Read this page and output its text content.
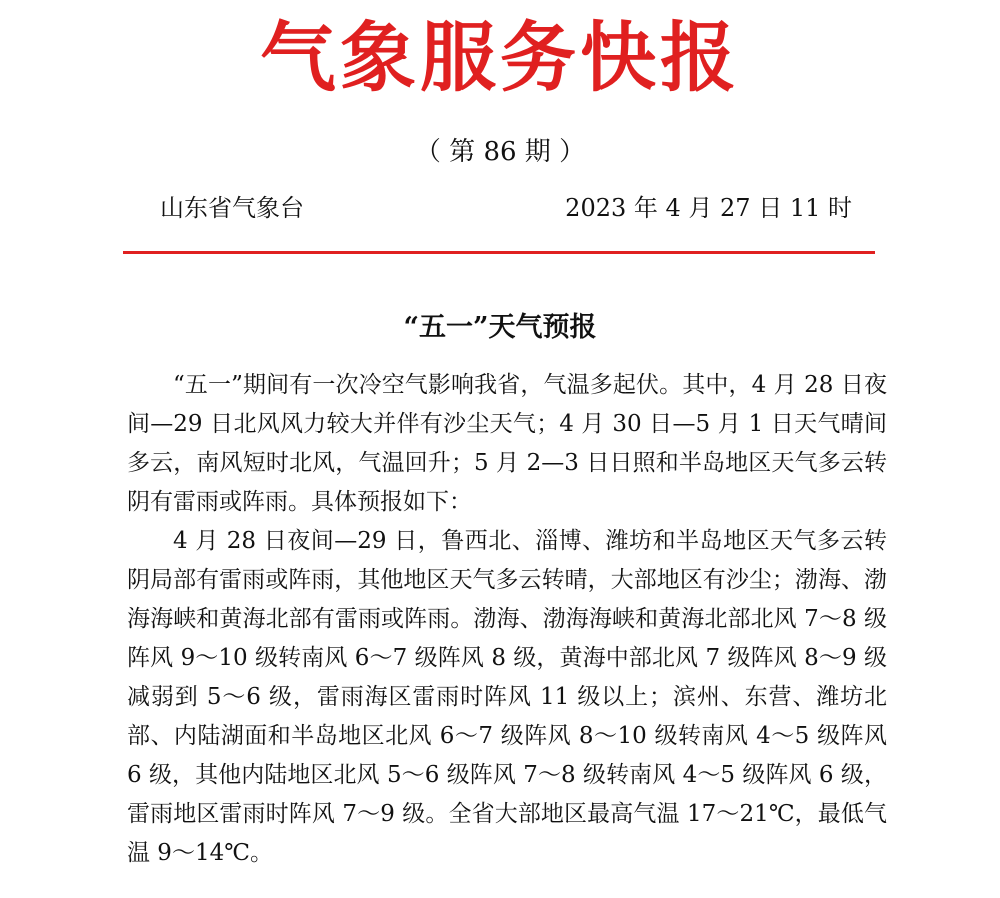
气象服务快报
（ 第 86 期 ）
山东省气象台	2023 年 4 月 27 日 11 时
“五一”天气预报

“五一”期间有一次冷空气影响我省，气温多起伏。其中，4 月 28 日夜间—29 日北风风力较大并伴有沙尘天气；4 月 30 日—5 月 1 日天气晴间多云，南风短时北风，气温回升；5 月 2—3 日日照和半岛地区天气多云转阴有雷雨或阵雨。具体预报如下：

4 月 28 日夜间—29 日，鲁西北、淄博、潍坊和半岛地区天气多云转阴局部有雷雨或阵雨，其他地区天气多云转晴，大部地区有沙尘；渤海、渤海海峡和黄海北部有雷雨或阵雨。渤海、渤海海峡和黄海北部北风 7～8 级阵风 9～10 级转南风 6～7 级阵风 8 级，黄海中部北风 7 级阵风 8～9 级减弱到 5～6 级，雷雨海区雷雨时阵风 11 级以上；滨州、东营、潍坊北部、内陆湖面和半岛地区北风 6～7 级阵风 8～10 级转南风 4～5 级阵风 6 级，其他内陆地区北风 5～6 级阵风 7～8 级转南风 4～5 级阵风 6 级，雷雨地区雷雨时阵风 7～9 级。全省大部地区最高气温 17～21℃，最低气温 9～14℃。
